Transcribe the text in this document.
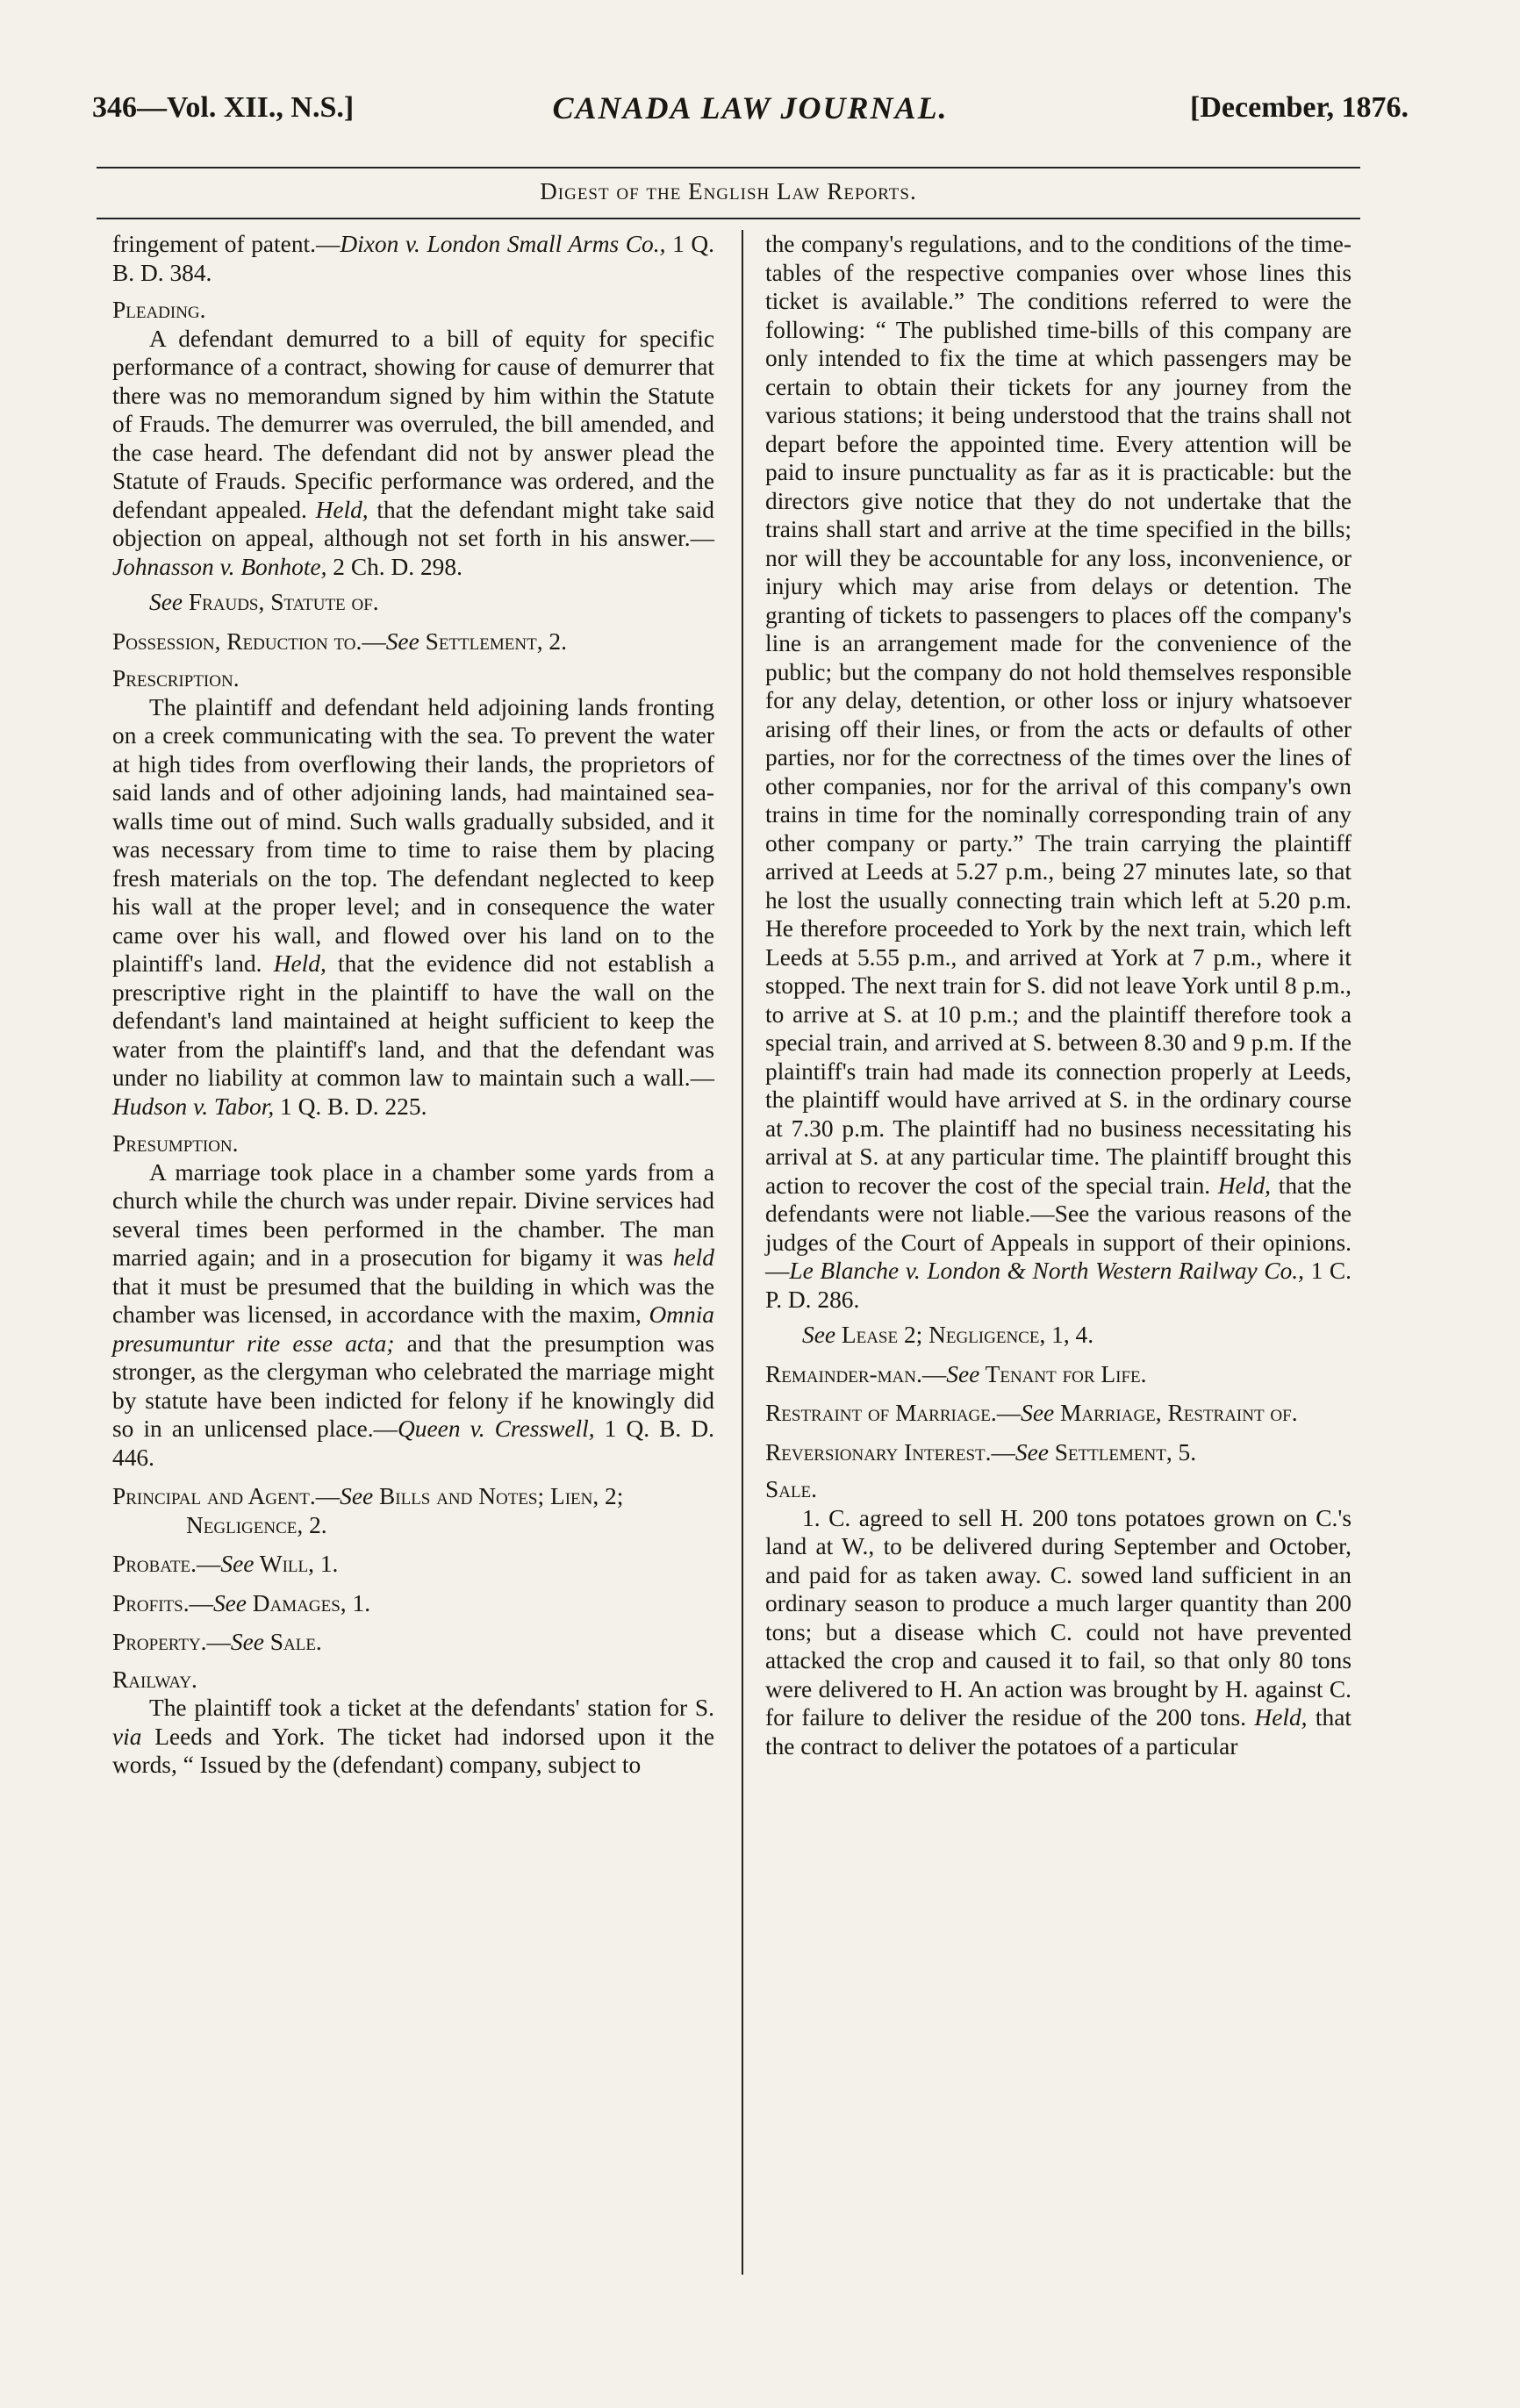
346—Vol. XII., N.S.]	CANADA LAW JOURNAL.	[December, 1876.
Digest of the English Law Reports.

fringement of patent.—Dixon v. London Small Arms Co., 1 Q. B. D. 384.

Pleading.

A defendant demurred to a bill of equity for specific performance of a contract, showing for cause of demurrer that there was no memorandum signed by him within the Statute of Frauds. The demurrer was overruled, the bill amended, and the case heard. The defendant did not by answer plead the Statute of Frauds. Specific performance was ordered, and the defendant appealed. Held, that the defendant might take said objection on appeal, although not set forth in his answer.—Johnasson v. Bonhote, 2 Ch. D. 298.

See Frauds, Statute of.

Possession, Reduction to.—See Settlement, 2.

Prescription.

The plaintiff and defendant held adjoining lands fronting on a creek communicating with the sea. To prevent the water at high tides from overflowing their lands, the proprietors of said lands and of other adjoining lands, had maintained sea-walls time out of mind. Such walls gradually subsided, and it was necessary from time to time to raise them by placing fresh materials on the top. The defendant neglected to keep his wall at the proper level; and in consequence the water came over his wall, and flowed over his land on to the plaintiff's land. Held, that the evidence did not establish a prescriptive right in the plaintiff to have the wall on the defendant's land maintained at height sufficient to keep the water from the plaintiff's land, and that the defendant was under no liability at common law to maintain such a wall.—Hudson v. Tabor, 1 Q. B. D. 225.

Presumption.

A marriage took place in a chamber some yards from a church while the church was under repair. Divine services had several times been performed in the chamber. The man married again; and in a prosecution for bigamy it was held that it must be presumed that the building in which was the chamber was licensed, in accordance with the maxim, Omnia presumuntur rite esse acta; and that the presumption was stronger, as the clergyman who celebrated the marriage might by statute have been indicted for felony if he knowingly did so in an unlicensed place.—Queen v. Cresswell, 1 Q. B. D. 446.

Principal and Agent.—See Bills and Notes; Lien, 2; Negligence, 2.

Probate.—See Will, 1.

Profits.—See Damages, 1.

Property.—See Sale.

Railway.

The plaintiff took a ticket at the defendants' station for S. via Leeds and York. The ticket had indorsed upon it the words, “ Issued by the (defendant) company, subject to

the company's regulations, and to the conditions of the time-tables of the respective companies over whose lines this ticket is available.” The conditions referred to were the following: “ The published time-bills of this company are only intended to fix the time at which passengers may be certain to obtain their tickets for any journey from the various stations; it being understood that the trains shall not depart before the appointed time. Every attention will be paid to insure punctuality as far as it is practicable: but the directors give notice that they do not undertake that the trains shall start and arrive at the time specified in the bills; nor will they be accountable for any loss, inconvenience, or injury which may arise from delays or detention. The granting of tickets to passengers to places off the company's line is an arrangement made for the convenience of the public; but the company do not hold themselves responsible for any delay, detention, or other loss or injury whatsoever arising off their lines, or from the acts or defaults of other parties, nor for the correctness of the times over the lines of other companies, nor for the arrival of this company's own trains in time for the nominally corresponding train of any other company or party.” The train carrying the plaintiff arrived at Leeds at 5.27 p.m., being 27 minutes late, so that he lost the usually connecting train which left at 5.20 p.m. He therefore proceeded to York by the next train, which left Leeds at 5.55 p.m., and arrived at York at 7 p.m., where it stopped. The next train for S. did not leave York until 8 p.m., to arrive at S. at 10 p.m.; and the plaintiff therefore took a special train, and arrived at S. between 8.30 and 9 p.m. If the plaintiff's train had made its connection properly at Leeds, the plaintiff would have arrived at S. in the ordinary course at 7.30 p.m. The plaintiff had no business necessitating his arrival at S. at any particular time. The plaintiff brought this action to recover the cost of the special train. Held, that the defendants were not liable.—See the various reasons of the judges of the Court of Appeals in support of their opinions.—Le Blanche v. London & North Western Railway Co., 1 C. P. D. 286.

See Lease 2; Negligence, 1, 4.

Remainder-man.—See Tenant for Life.

Restraint of Marriage.—See Marriage, Restraint of.

Reversionary Interest.—See Settlement, 5.

Sale.

1. C. agreed to sell H. 200 tons potatoes grown on C.'s land at W., to be delivered during September and October, and paid for as taken away. C. sowed land sufficient in an ordinary season to produce a much larger quantity than 200 tons; but a disease which C. could not have prevented attacked the crop and caused it to fail, so that only 80 tons were delivered to H. An action was brought by H. against C. for failure to deliver the residue of the 200 tons. Held, that the contract to deliver the potatoes of a particular
